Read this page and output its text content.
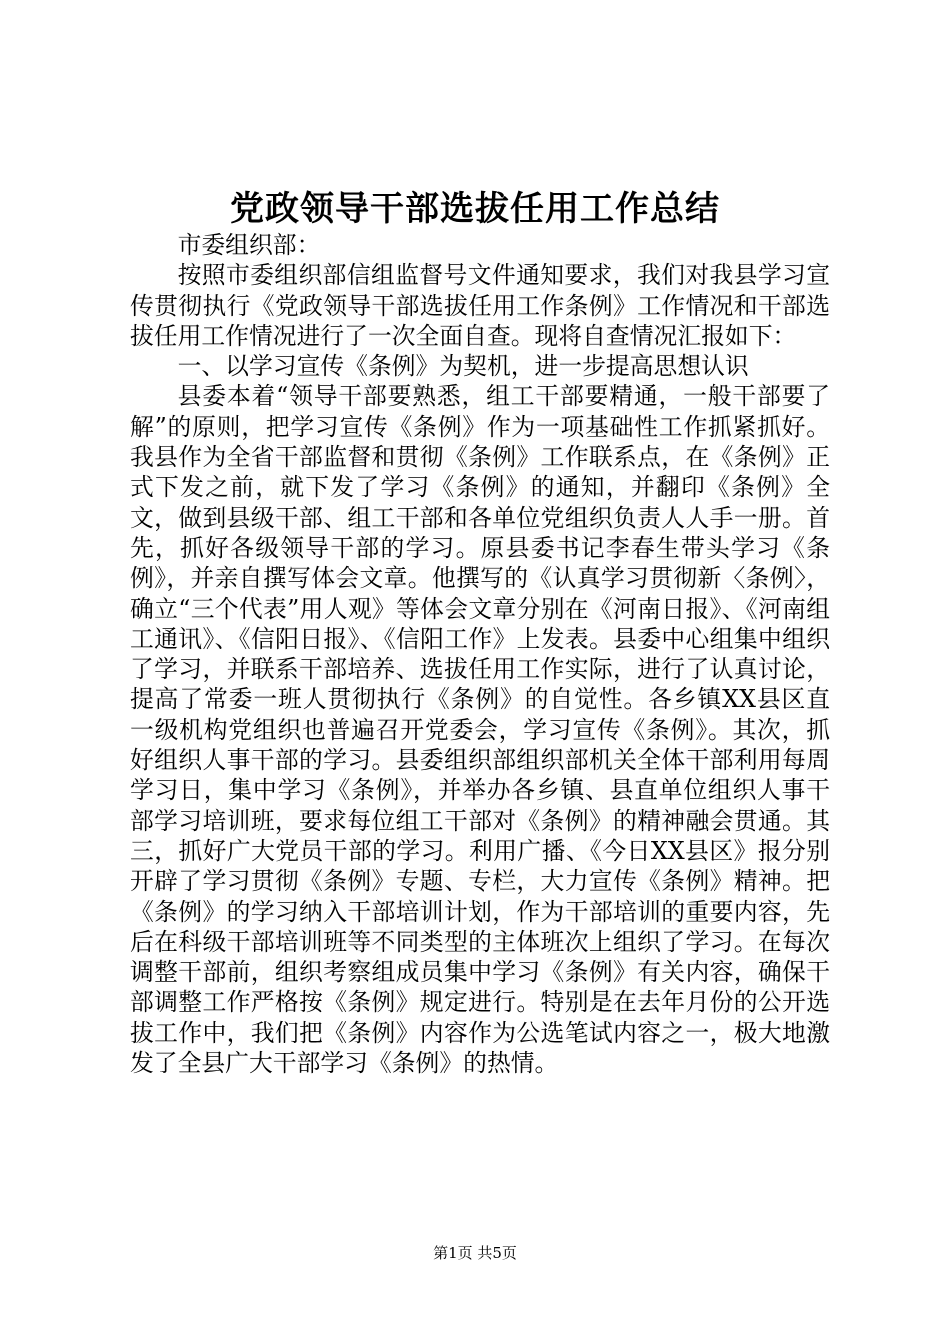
党政领导干部选拔任用工作总结

市委组织部：

按照市委组织部信组监督号文件通知要求，我们对我县学习宣传贯彻执行《党政领导干部选拔任用工作条例》工作情况和干部选拔任用工作情况进行了一次全面自查。现将自查情况汇报如下：

一、以学习宣传《条例》为契机，进一步提高思想认识

县委本着“领导干部要熟悉，组工干部要精通，一般干部要了解”的原则，把学习宣传《条例》作为一项基础性工作抓紧抓好。我县作为全省干部监督和贯彻《条例》工作联系点，在《条例》正式下发之前，就下发了学习《条例》的通知，并翻印《条例》全文，做到县级干部、组工干部和各单位党组织负责人人手一册。首先，抓好各级领导干部的学习。原县委书记李春生带头学习《条例》，并亲自撰写体会文章。他撰写的《认真学习贯彻新〈条例〉，确立“三个代表”用人观》等体会文章分别在《河南日报》、《河南组工通讯》、《信阳日报》、《信阳工作》上发表。县委中心组集中组织了学习，并联系干部培养、选拔任用工作实际，进行了认真讨论，提高了常委一班人贯彻执行《条例》的自觉性。各乡镇XX县区直一级机构党组织也普遍召开党委会，学习宣传《条例》。其次，抓好组织人事干部的学习。县委组织部组织部机关全体干部利用每周学习日，集中学习《条例》，并举办各乡镇、县直单位组织人事干部学习培训班，要求每位组工干部对《条例》的精神融会贯通。其三，抓好广大党员干部的学习。利用广播、《今日XX县区》报分别开辟了学习贯彻《条例》专题、专栏，大力宣传《条例》精神。把《条例》的学习纳入干部培训计划，作为干部培训的重要内容，先后在科级干部培训班等不同类型的主体班次上组织了学习。在每次调整干部前，组织考察组成员集中学习《条例》有关内容，确保干部调整工作严格按《条例》规定进行。特别是在去年月份的公开选拔工作中，我们把《条例》内容作为公选笔试内容之一，极大地激发了全县广大干部学习《条例》的热情。

第1页 共5页
